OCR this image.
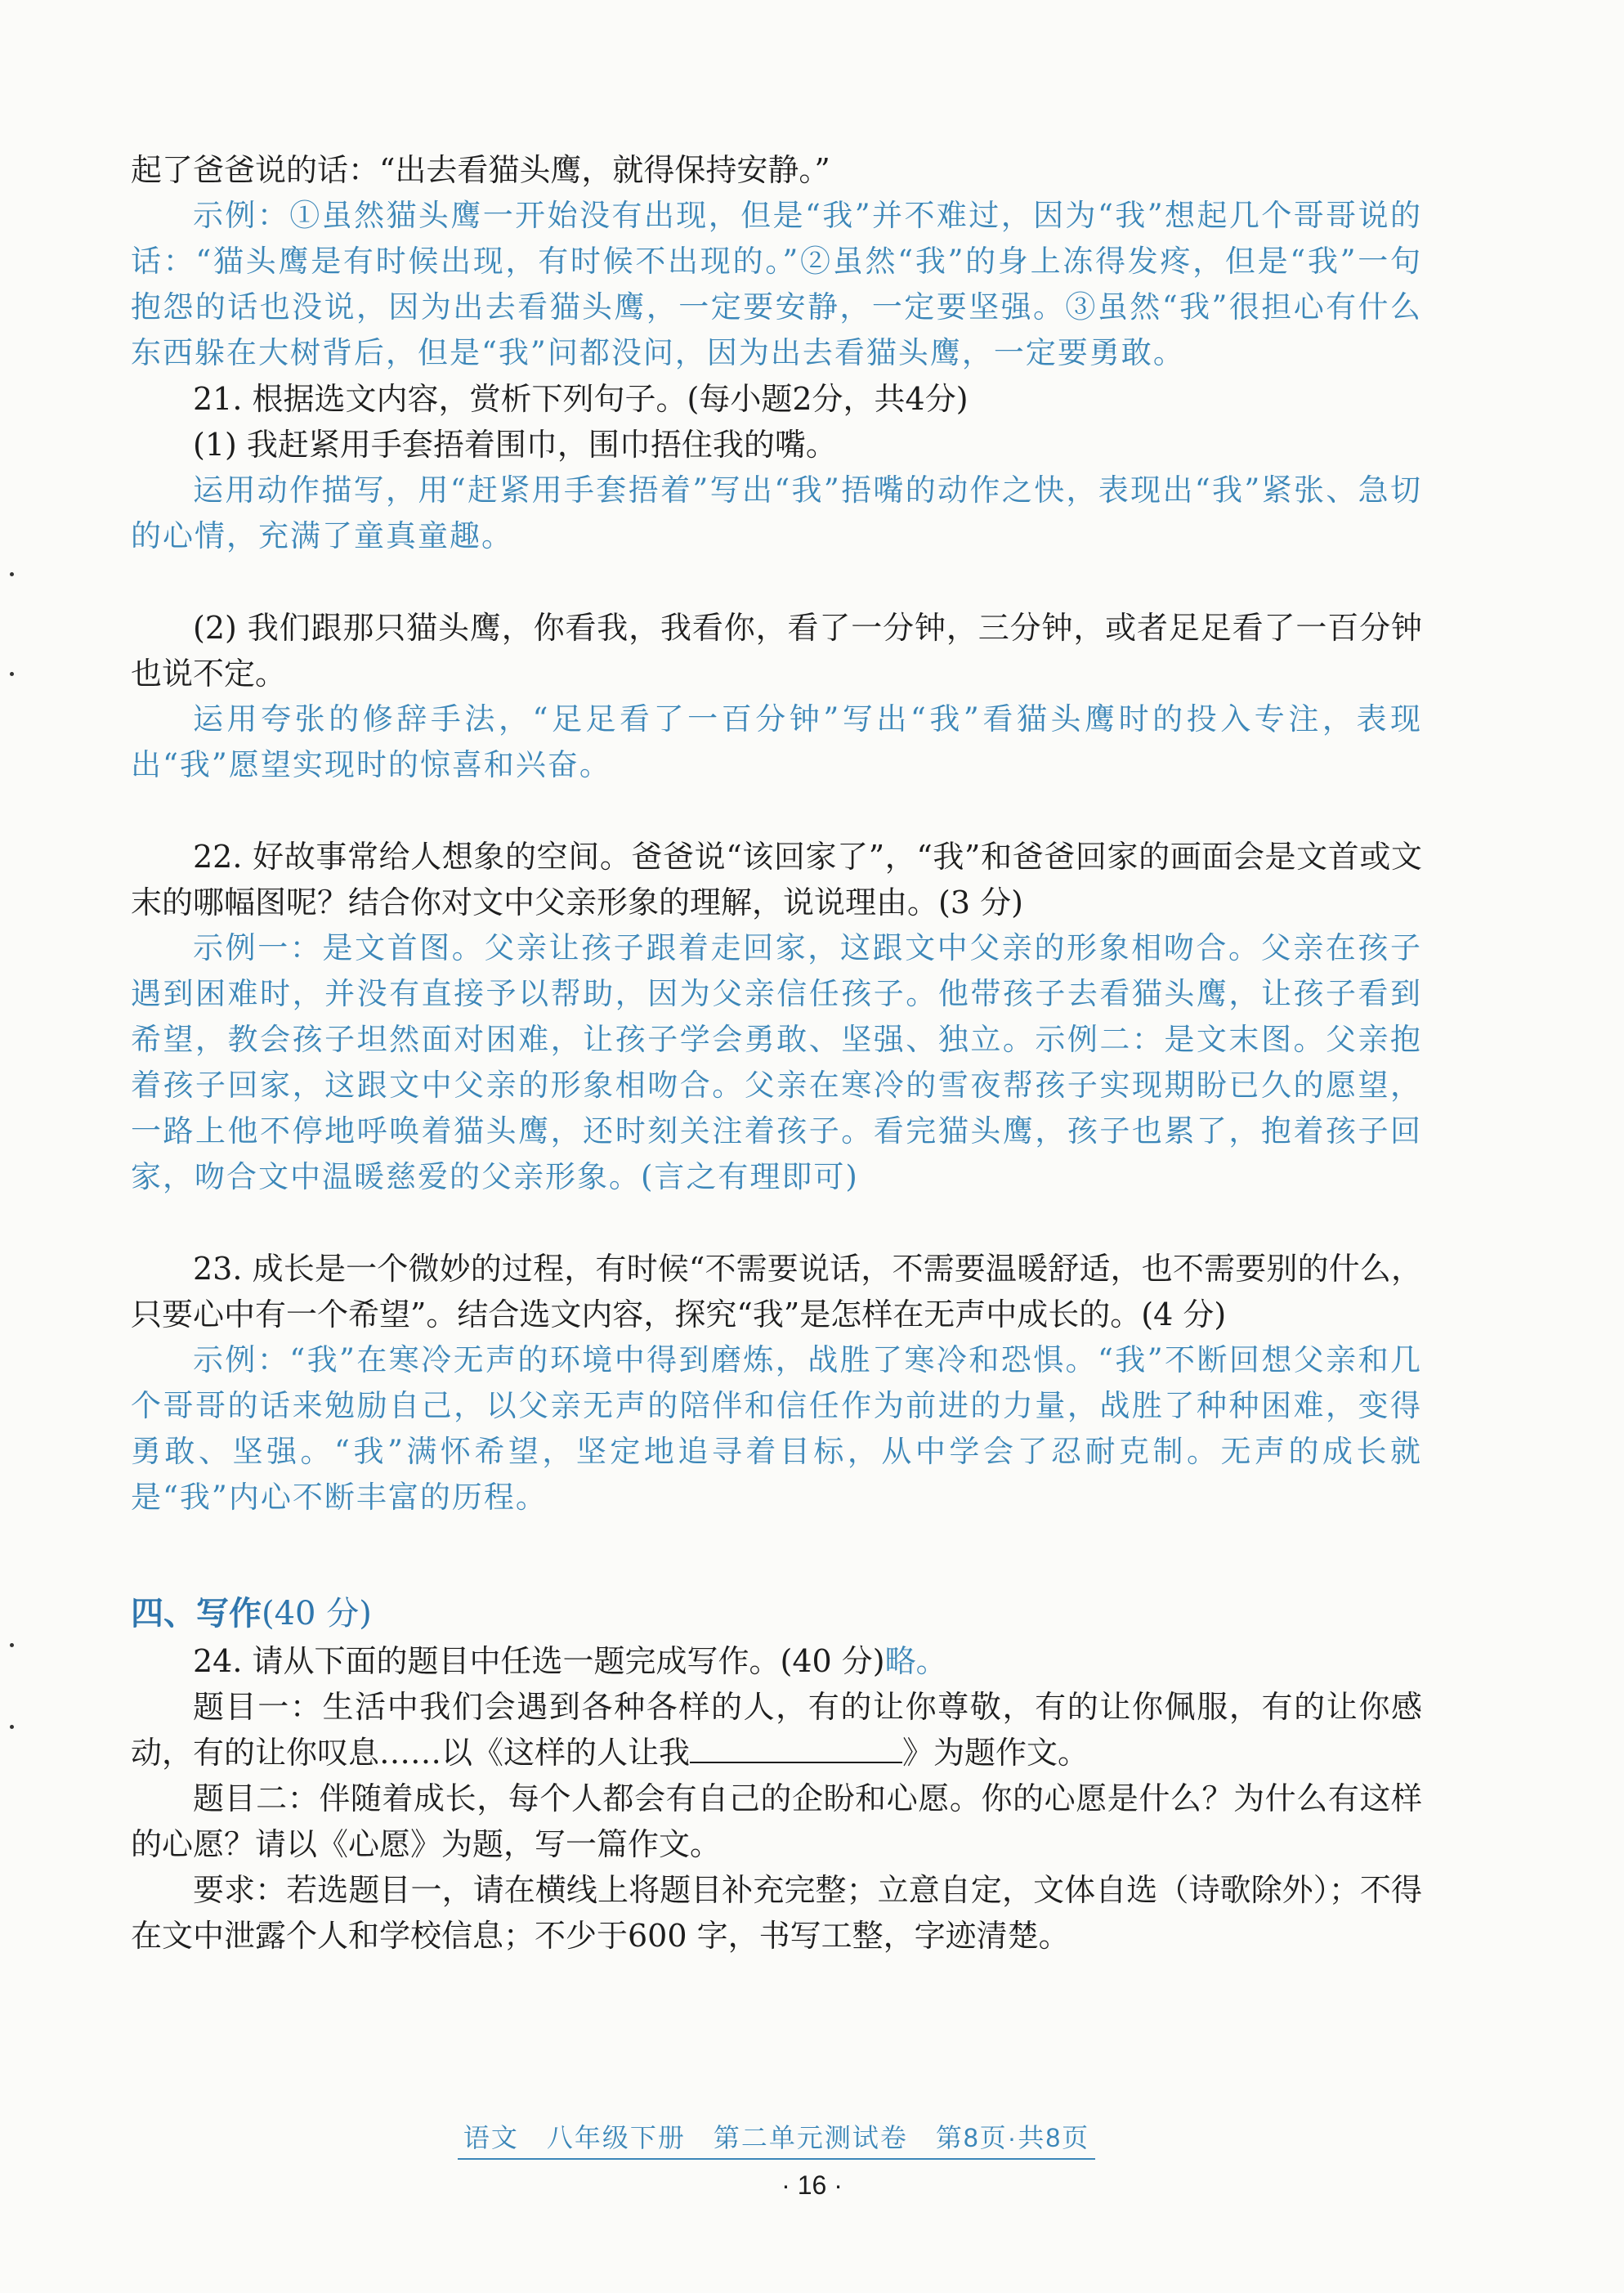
起了爸爸说的话：“出去看猫头鹰，就得保持安静。”

示例：①虽然猫头鹰一开始没有出现，但是“我”并不难过，因为“我”想起几个哥哥说的话：“猫头鹰是有时候出现，有时候不出现的。”②虽然“我”的身上冻得发疼，但是“我”一句抱怨的话也没说，因为出去看猫头鹰，一定要安静，一定要坚强。③虽然“我”很担心有什么东西躲在大树背后，但是“我”问都没问，因为出去看猫头鹰，一定要勇敢。

21. 根据选文内容，赏析下列句子。(每小题2分，共4分)

(1) 我赶紧用手套捂着围巾，围巾捂住我的嘴。

运用动作描写，用“赶紧用手套捂着”写出“我”捂嘴的动作之快，表现出“我”紧张、急切的心情，充满了童真童趣。

(2) 我们跟那只猫头鹰，你看我，我看你，看了一分钟，三分钟，或者足足看了一百分钟也说不定。

运用夸张的修辞手法，“足足看了一百分钟”写出“我”看猫头鹰时的投入专注，表现出“我”愿望实现时的惊喜和兴奋。

22. 好故事常给人想象的空间。爸爸说“该回家了”，“我”和爸爸回家的画面会是文首或文末的哪幅图呢？结合你对文中父亲形象的理解，说说理由。(3 分)

示例一：是文首图。父亲让孩子跟着走回家，这跟文中父亲的形象相吻合。父亲在孩子遇到困难时，并没有直接予以帮助，因为父亲信任孩子。他带孩子去看猫头鹰，让孩子看到希望，教会孩子坦然面对困难，让孩子学会勇敢、坚强、独立。示例二：是文末图。父亲抱着孩子回家，这跟文中父亲的形象相吻合。父亲在寒冷的雪夜帮孩子实现期盼已久的愿望，一路上他不停地呼唤着猫头鹰，还时刻关注着孩子。看完猫头鹰，孩子也累了，抱着孩子回家，吻合文中温暖慈爱的父亲形象。(言之有理即可)

23. 成长是一个微妙的过程，有时候“不需要说话，不需要温暖舒适，也不需要别的什么，只要心中有一个希望”。结合选文内容，探究“我”是怎样在无声中成长的。(4 分)

示例：“我”在寒冷无声的环境中得到磨炼，战胜了寒冷和恐惧。“我”不断回想父亲和几个哥哥的话来勉励自己，以父亲无声的陪伴和信任作为前进的力量，战胜了种种困难，变得勇敢、坚强。“我”满怀希望，坚定地追寻着目标，从中学会了忍耐克制。无声的成长就是“我”内心不断丰富的历程。

四、写作(40 分)

24. 请从下面的题目中任选一题完成写作。(40 分)略。

题目一：生活中我们会遇到各种各样的人，有的让你尊敬，有的让你佩服，有的让你感动，有的让你叹息……以《这样的人让我	》为题作文。

题目二：伴随着成长，每个人都会有自己的企盼和心愿。你的心愿是什么？为什么有这样的心愿？请以《心愿》为题，写一篇作文。

要求：若选题目一，请在横线上将题目补充完整；立意自定，文体自选（诗歌除外）；不得在文中泄露个人和学校信息；不少于600 字，书写工整，字迹清楚。

语文　八年级下册　第二单元测试卷　第8页·共8页
· 16 ·
